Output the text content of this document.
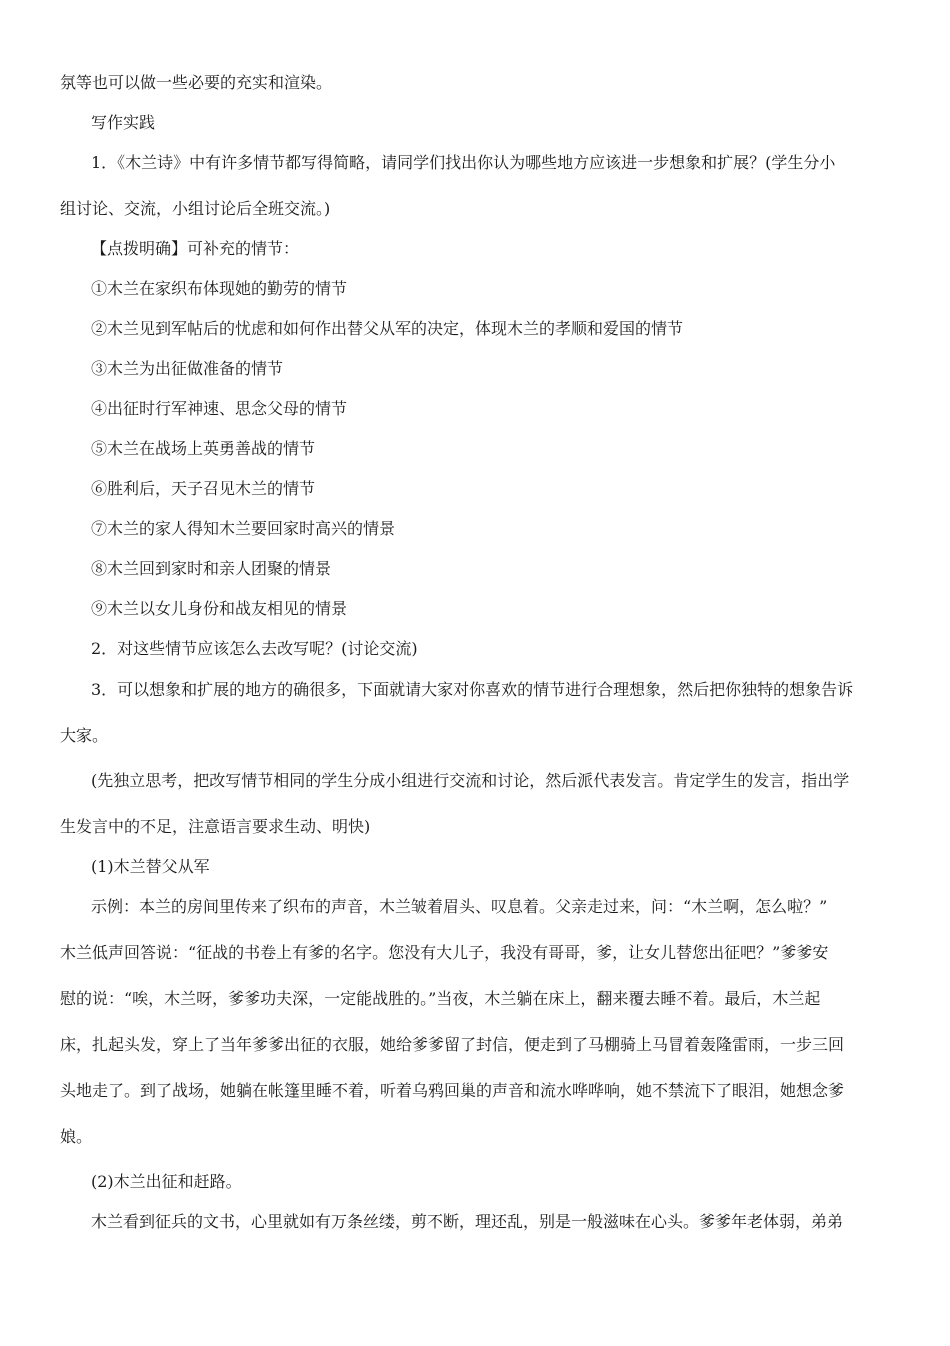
氛等也可以做一些必要的充实和渲染。
写作实践
1．《木兰诗》中有许多情节都写得简略，请同学们找出你认为哪些地方应该进一步想象和扩展？(学生分小
组讨论、交流，小组讨论后全班交流。)
【点拨明确】可补充的情节：
①木兰在家织布体现她的勤劳的情节
②木兰见到军帖后的忧虑和如何作出替父从军的决定，体现木兰的孝顺和爱国的情节
③木兰为出征做准备的情节
④出征时行军神速、思念父母的情节
⑤木兰在战场上英勇善战的情节
⑥胜利后，天子召见木兰的情节
⑦木兰的家人得知木兰要回家时高兴的情景
⑧木兰回到家时和亲人团聚的情景
⑨木兰以女儿身份和战友相见的情景
2．对这些情节应该怎么去改写呢？(讨论交流)
3．可以想象和扩展的地方的确很多，下面就请大家对你喜欢的情节进行合理想象，然后把你独特的想象告诉
大家。
(先独立思考，把改写情节相同的学生分成小组进行交流和讨论，然后派代表发言。肯定学生的发言，指出学
生发言中的不足，注意语言要求生动、明快)
(1)木兰替父从军
示例：本兰的房间里传来了织布的声音，木兰皱着眉头、叹息着。父亲走过来，问：“木兰啊，怎么啦？”
木兰低声回答说：“征战的书卷上有爹的名字。您没有大儿子，我没有哥哥，爹，让女儿替您出征吧？”爹爹安
慰的说：“唉，木兰呀，爹爹功夫深，一定能战胜的。”当夜，木兰躺在床上，翻来覆去睡不着。最后，木兰起
床，扎起头发，穿上了当年爹爹出征的衣服，她给爹爹留了封信，便走到了马棚骑上马冒着轰隆雷雨，一步三回
头地走了。到了战场，她躺在帐篷里睡不着，听着乌鸦回巢的声音和流水哗哗响，她不禁流下了眼泪，她想念爹
娘。
(2)木兰出征和赶路。
木兰看到征兵的文书，心里就如有万条丝缕，剪不断，理还乱，别是一般滋味在心头。爹爹年老体弱，弟弟
